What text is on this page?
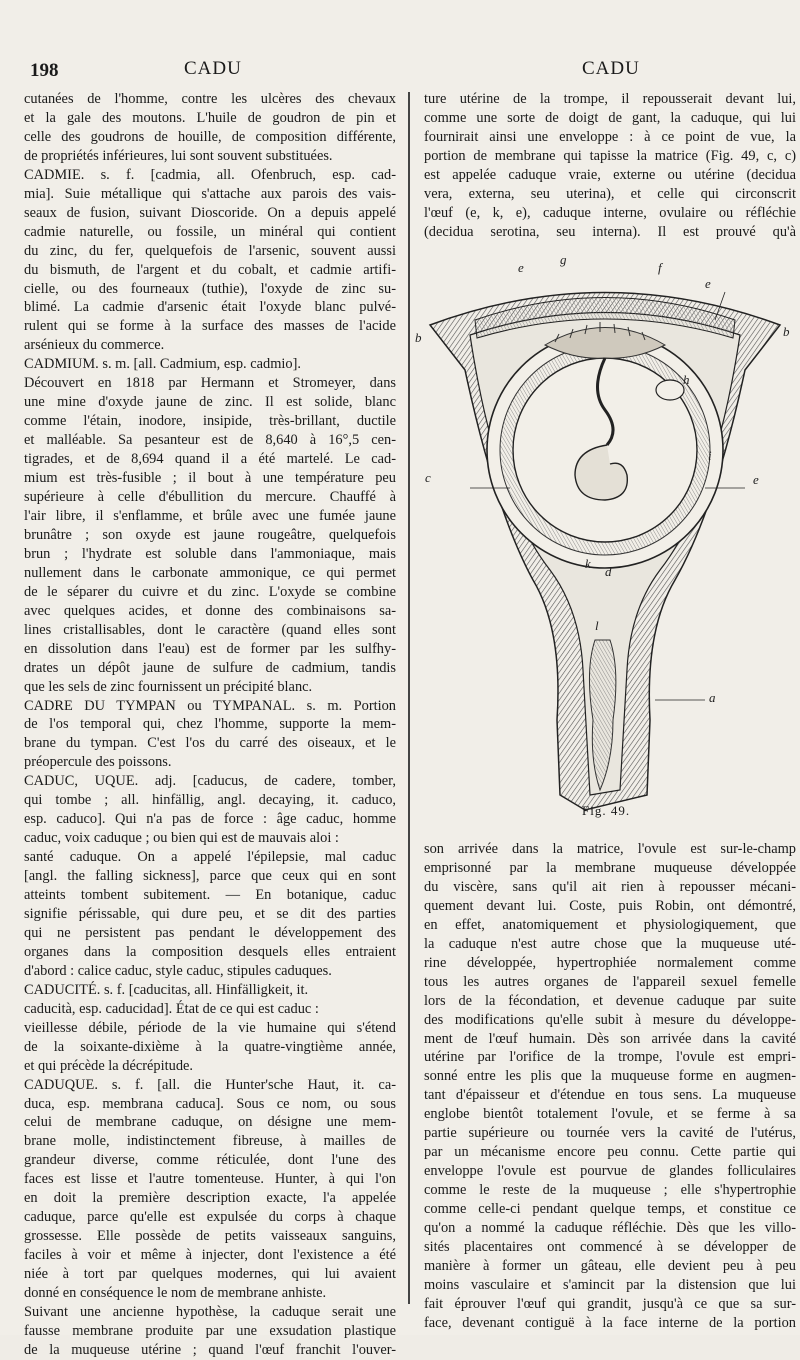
198	CADU	CADU
cutanées de l'homme, contre les ulcères des chevaux
et la gale des moutons. L'huile de goudron de pin et
celle des goudrons de houille, de composition différente,
de propriétés inférieures, lui sont souvent substituées.
CADMIE. s. f. [cadmia, all. Ofenbruch, esp. cad-
mia]. Suie métallique qui s'attache aux parois des vais-
seaux de fusion, suivant Dioscoride. On a depuis appelé
cadmie naturelle, ou fossile, un minéral qui contient
du zinc, du fer, quelquefois de l'arsenic, souvent aussi
du bismuth, de l'argent et du cobalt, et cadmie artifi-
cielle, ou des fourneaux (tuthie), l'oxyde de zinc su-
blimé. La cadmie d'arsenic était l'oxyde blanc pulvé-
rulent qui se forme à la surface des masses de l'acide
arsénieux du commerce.
CADMIUM. s. m. [all. Cadmium, esp. cadmio].
Découvert en 1818 par Hermann et Stromeyer, dans
une mine d'oxyde jaune de zinc. Il est solide, blanc
comme l'étain, inodore, insipide, très-brillant, ductile
et malléable. Sa pesanteur est de 8,640 à 16°,5 cen-
tigrades, et de 8,694 quand il a été martelé. Le cad-
mium est très-fusible ; il bout à une température peu
supérieure à celle d'ébullition du mercure. Chauffé à
l'air libre, il s'enflamme, et brûle avec une fumée jaune
brunâtre ; son oxyde est jaune rougeâtre, quelquefois
brun ; l'hydrate est soluble dans l'ammoniaque, mais
nullement dans le carbonate ammonique, ce qui permet
de le séparer du cuivre et du zinc. L'oxyde se combine
avec quelques acides, et donne des combinaisons sa-
lines cristallisables, dont le caractère (quand elles sont
en dissolution dans l'eau) est de former par les sulfhy-
drates un dépôt jaune de sulfure de cadmium, tandis
que les sels de zinc fournissent un précipité blanc.
CADRE DU TYMPAN ou TYMPANAL. s. m. Portion
de l'os temporal qui, chez l'homme, supporte la mem-
brane du tympan. C'est l'os du carré des oiseaux, et le
préopercule des poissons.
CADUC, UQUE. adj. [caducus, de cadere, tomber,
qui tombe ; all. hinfällig, angl. decaying, it. caduco,
esp. caduco]. Qui n'a pas de force : âge caduc, homme
caduc, voix caduque ; ou bien qui est de mauvais aloi :
santé caduque. On a appelé l'épilepsie, mal caduc
[angl. the falling sickness], parce que ceux qui en sont
atteints tombent subitement. — En botanique, caduc
signifie périssable, qui dure peu, et se dit des parties
qui ne persistent pas pendant le développement des
organes dans la composition desquels elles entraient
d'abord : calice caduc, style caduc, stipules caduques.
CADUCITÉ. s. f. [caducitas, all. Hinfälligkeit, it.
caducità, esp. caducidad]. État de ce qui est caduc :
vieillesse débile, période de la vie humaine qui s'étend
de la soixante-dixième à la quatre-vingtième année,
et qui précède la décrépitude.
CADUQUE. s. f. [all. die Hunter'sche Haut, it. ca-
duca, esp. membrana caduca]. Sous ce nom, ou sous
celui de membrane caduque, on désigne une mem-
brane molle, indistinctement fibreuse, à mailles de
grandeur diverse, comme réticulée, dont l'une des
faces est lisse et l'autre tomenteuse. Hunter, à qui l'on
en doit la première description exacte, l'a appelée
caduque, parce qu'elle est expulsée du corps à chaque
grossesse. Elle possède de petits vaisseaux sanguins,
faciles à voir et même à injecter, dont l'existence a été
niée à tort par quelques modernes, qui lui avaient
donné en conséquence le nom de membrane anhiste.
Suivant une ancienne hypothèse, la caduque serait une
fausse membrane produite par une exsudation plastique
de la muqueuse utérine ; quand l'œuf franchit l'ouver-
ture utérine de la trompe, il repousserait devant lui,
comme une sorte de doigt de gant, la caduque, qui lui
fournirait ainsi une enveloppe : à ce point de vue, la
portion de membrane qui tapisse la matrice (Fig. 49, c, c)
est appelée caduque vraie, externe ou utérine (decidua
vera, externa, seu uterina), et celle qui circonscrit
l'œuf (e, k, e), caduque interne, ovulaire ou réfléchie
(decidua serotina, seu interna). Il est prouvé qu'à
son arrivée dans la matrice, l'ovule est sur-le-champ
emprisonné par la membrane muqueuse développée
du viscère, sans qu'il ait rien à repousser mécani-
quement devant lui. Coste, puis Robin, ont démontré,
en effet, anatomiquement et physiologiquement, que
la caduque n'est autre chose que la muqueuse uté-
rine développée, hypertrophiée normalement comme
tous les autres organes de l'appareil sexuel femelle
lors de la fécondation, et devenue caduque par suite
des modifications qu'elle subit à mesure du développe-
ment de l'œuf humain. Dès son arrivée dans la cavité
utérine par l'orifice de la trompe, l'ovule est empri-
sonné entre les plis que la muqueuse forme en augmen-
tant d'épaisseur et d'étendue en tous sens. La muqueuse
englobe bientôt totalement l'ovule, et se ferme à sa
partie supérieure ou tournée vers la cavité de l'utérus,
par un mécanisme encore peu connu. Cette partie qui
enveloppe l'ovule est pourvue de glandes folliculaires
comme le reste de la muqueuse ; elle s'hypertrophie
comme celle-ci pendant quelque temps, et constitue ce
qu'on a nommé la caduque réfléchie. Dès que les villo-
sités placentaires ont commencé à se développer de
manière à former un gâteau, elle devient peu à peu
moins vasculaire et s'amincit par la distension que lui
fait éprouver l'œuf qui grandit, jusqu'à ce que sa sur-
face, devenant contiguë à la face interne de la portion
e
g
f
e
b	b
h
i
c	e
k
d
l
a
Fig. 49.
